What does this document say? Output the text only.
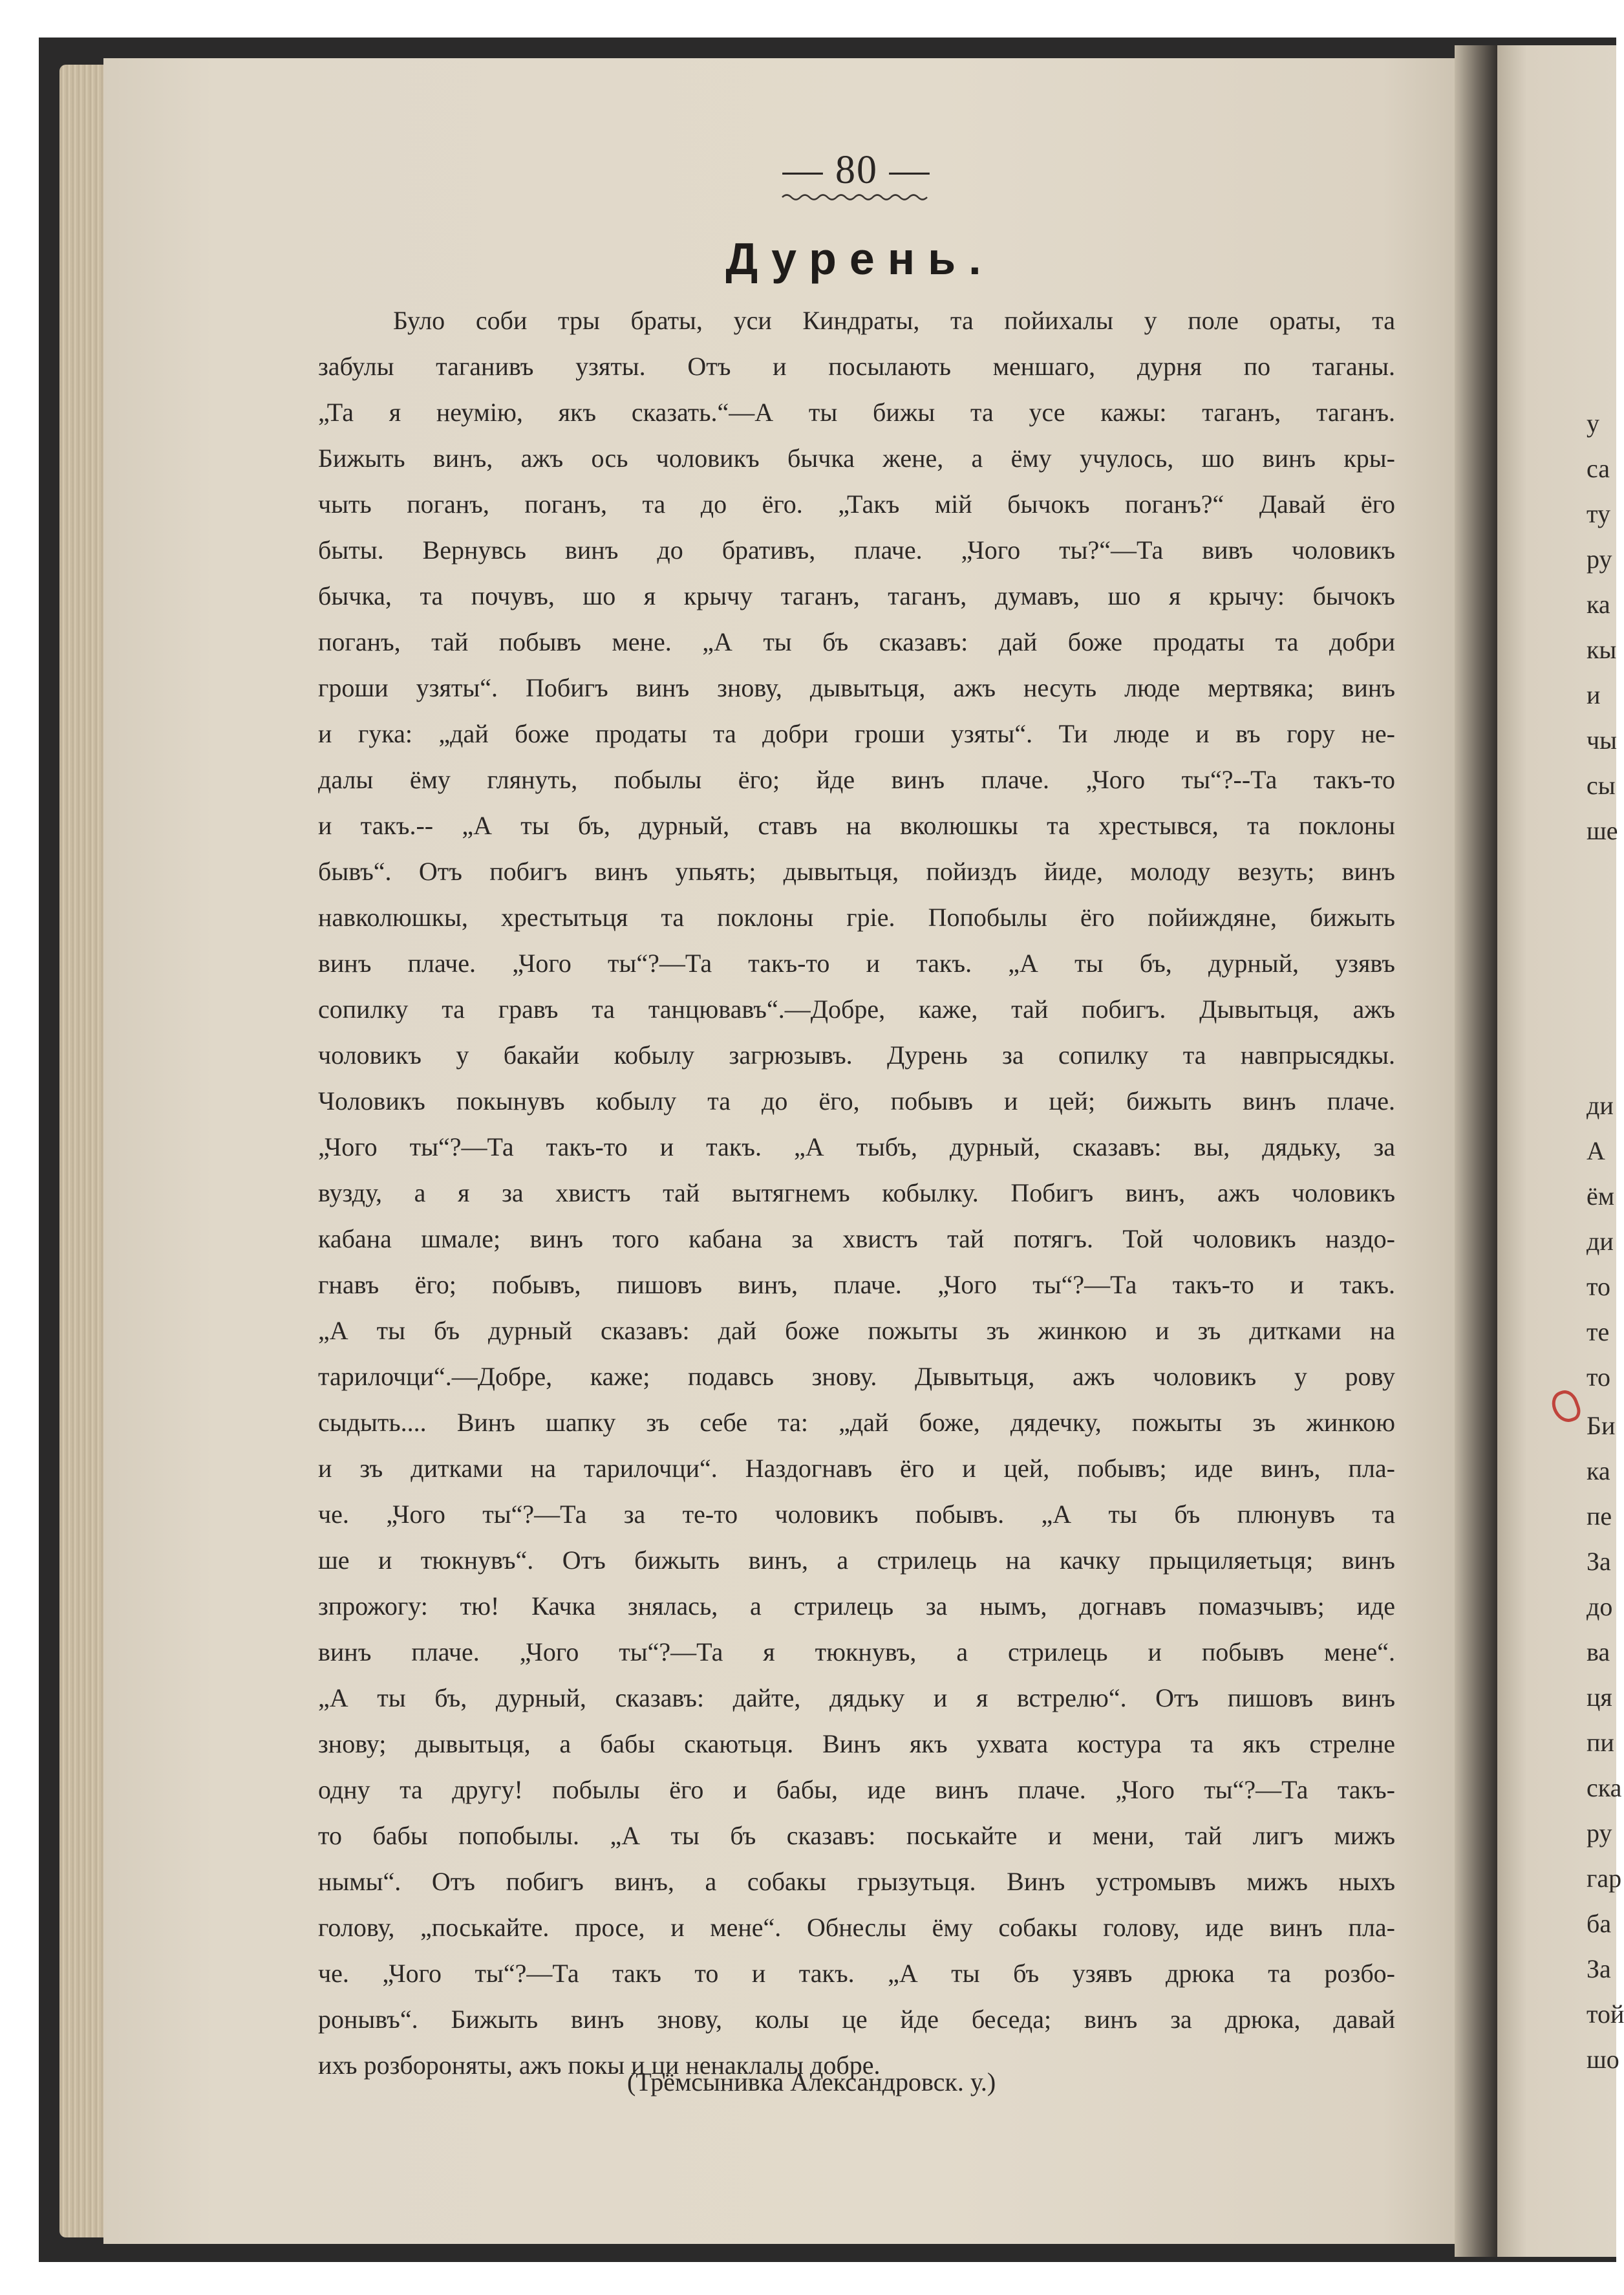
у
са
ту
ру
ка
кы
и
чы
сы
ше
ди
А
ём
ди
то
те
то
Би
ка
пе
За
до
ва
ця
пи
ска
ру
гар
ба
За
той
шо
— 80 —
Дурень.
Було соби тры браты, уси Киндраты, та пойихалы у поле ораты, та
забулы таганивъ узяты. Отъ и посылають меншаго, дурня по таганы.
„Та я неумію, якъ сказать.“—А ты бижы та усе кажы: таганъ, таганъ.
Бижыть винъ, ажъ ось чоловикъ бычка жене, а ёму учулось, шо винъ кры-
чыть поганъ, поганъ, та до ёго. „Такъ мій бычокъ поганъ?“ Давай ёго
быты. Вернувсь винъ до бративъ, плаче. „Чого ты?“—Та вивъ чоловикъ
бычка, та почувъ, шо я крычу таганъ, таганъ, думавъ, шо я крычу: бычокъ
поганъ, тай побывъ мене. „А ты бъ сказавъ: дай боже продаты та добри
гроши узяты“. Побигъ винъ знову, дывытьця, ажъ несуть люде мертвяка; винъ
и гука: „дай боже продаты та добри гроши узяты“. Ти люде и въ гору не-
далы ёму глянуть, побылы ёго; йде винъ плаче. „Чого ты“?--Та такъ-то
и такъ.-- „А ты бъ, дурный, ставъ на вколюшкы та хрестывся, та поклоны
бывъ“. Отъ побигъ винъ упьять; дывытьця, пойиздъ йиде, молоду везуть; винъ
навколюшкы, хрестытьця та поклоны гріе. Попобылы ёго пойиждяне, бижыть
винъ плаче. „Чого ты“?—Та такъ-то и такъ. „А ты бъ, дурный, узявъ
сопилку та гравъ та танцювавъ“.—Добре, каже, тай побигъ. Дывытьця, ажъ
чоловикъ у бакайи кобылу загрюзывъ. Дурень за сопилку та навпрысядкы.
Чоловикъ покынувъ кобылу та до ёго, побывъ и цей; бижыть винъ плаче.
„Чого ты“?—Та такъ-то и такъ. „А тыбъ, дурный, сказавъ: вы, дядьку, за
вузду, а я за хвистъ тай вытягнемъ кобылку. Побигъ винъ, ажъ чоловикъ
кабана шмале; винъ того кабана за хвистъ тай потягъ. Той чоловикъ наздо-
гнавъ ёго; побывъ, пишовъ винъ, плаче. „Чого ты“?—Та такъ-то и такъ.
„А ты бъ дурный сказавъ: дай боже пожыты зъ жинкою и зъ дитками на
тарилочци“.—Добре, каже; подавсь знову. Дывытьця, ажъ чоловикъ у рову
сыдыть.... Винъ шапку зъ себе та: „дай боже, дядечку, пожыты зъ жинкою
и зъ дитками на тарилочци“. Наздогнавъ ёго и цей, побывъ; иде винъ, пла-
че. „Чого ты“?—Та за те-то чоловикъ побывъ. „А ты бъ плюнувъ та
ше и тюкнувъ“. Отъ бижыть винъ, а стрилець на качку прыциляетьця; винъ
зпрожогу: тю! Качка знялась, а стрилець за нымъ, догнавъ помазчывъ; иде
винъ плаче. „Чого ты“?—Та я тюкнувъ, а стрилець и побывъ мене“.
„А ты бъ, дурный, сказавъ: дайте, дядьку и я встрелю“. Отъ пишовъ винъ
знову; дывытьця, а бабы скаютьця. Винъ якъ ухвата костура та якъ стрелне
одну та другу! побылы ёго и бабы, иде винъ плаче. „Чого ты“?—Та такъ-
то бабы попобылы. „А ты бъ сказавъ: поськайте и мени, тай лигъ мижъ
нымы“. Отъ побигъ винъ, а собакы грызутьця. Винъ устромывъ мижъ ныхъ
голову, „поськайте. просе, и мене“. Обнеслы ёму собакы голову, иде винъ пла-
че. „Чого ты“?—Та такъ то и такъ. „А ты бъ узявъ дрюка та розбо-
ронывъ“. Бижыть винъ знову, колы це йде беседа; винъ за дрюка, давай
ихъ розбороняты, ажъ покы и ци ненаклалы добре.
(Трёмсынивка Александровск. у.)
